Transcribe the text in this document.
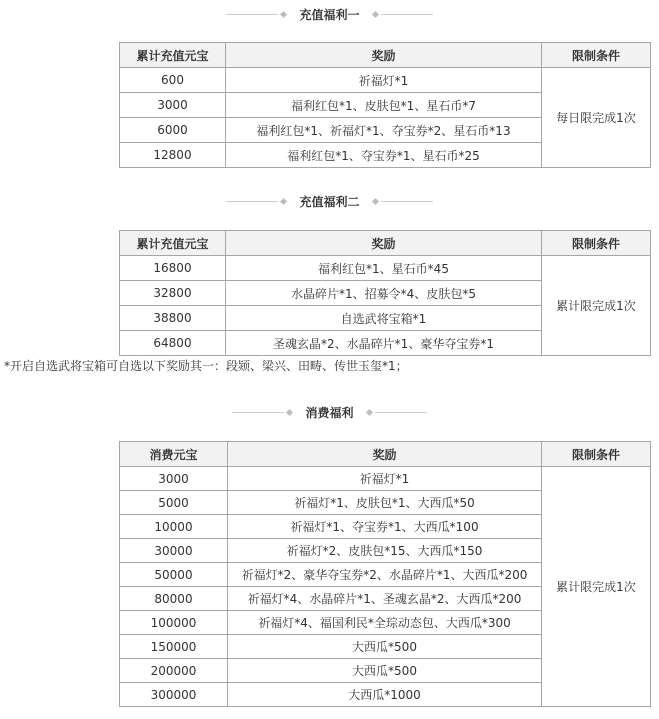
充值福利一
累计充值元宝	奖励	限制条件
600	祈福灯*1	每日限完成1次
3000	福利红包*1、皮肤包*1、星石币*7	
6000	福利红包*1、祈福灯*1、夺宝券*2、星石币*13	
12800	福利红包*1、夺宝券*1、星石币*25	
充值福利二
累计充值元宝	奖励	限制条件
16800	福利红包*1、星石币*45	累计限完成1次
32800	水晶碎片*1、招募令*4、皮肤包*5	
38800	自选武将宝箱*1	
64800	圣魂玄晶*2、水晶碎片*1、豪华夺宝券*1	
*开启自选武将宝箱可自选以下奖励其一：段颎、梁兴、田畴、传世玉玺*1；
消费福利
消费元宝	奖励	限制条件
3000	祈福灯*1	累计限完成1次
5000	祈福灯*1、皮肤包*1、大西瓜*50	
10000	祈福灯*1、夺宝券*1、大西瓜*100	
30000	祈福灯*2、皮肤包*15、大西瓜*150	
50000	祈福灯*2、豪华夺宝券*2、水晶碎片*1、大西瓜*200	
80000	祈福灯*4、水晶碎片*1、圣魂玄晶*2、大西瓜*200	
100000	祈福灯*4、福国利民*全琮动态包、大西瓜*300	
150000	大西瓜*500	
200000	大西瓜*500	
300000	大西瓜*1000	
